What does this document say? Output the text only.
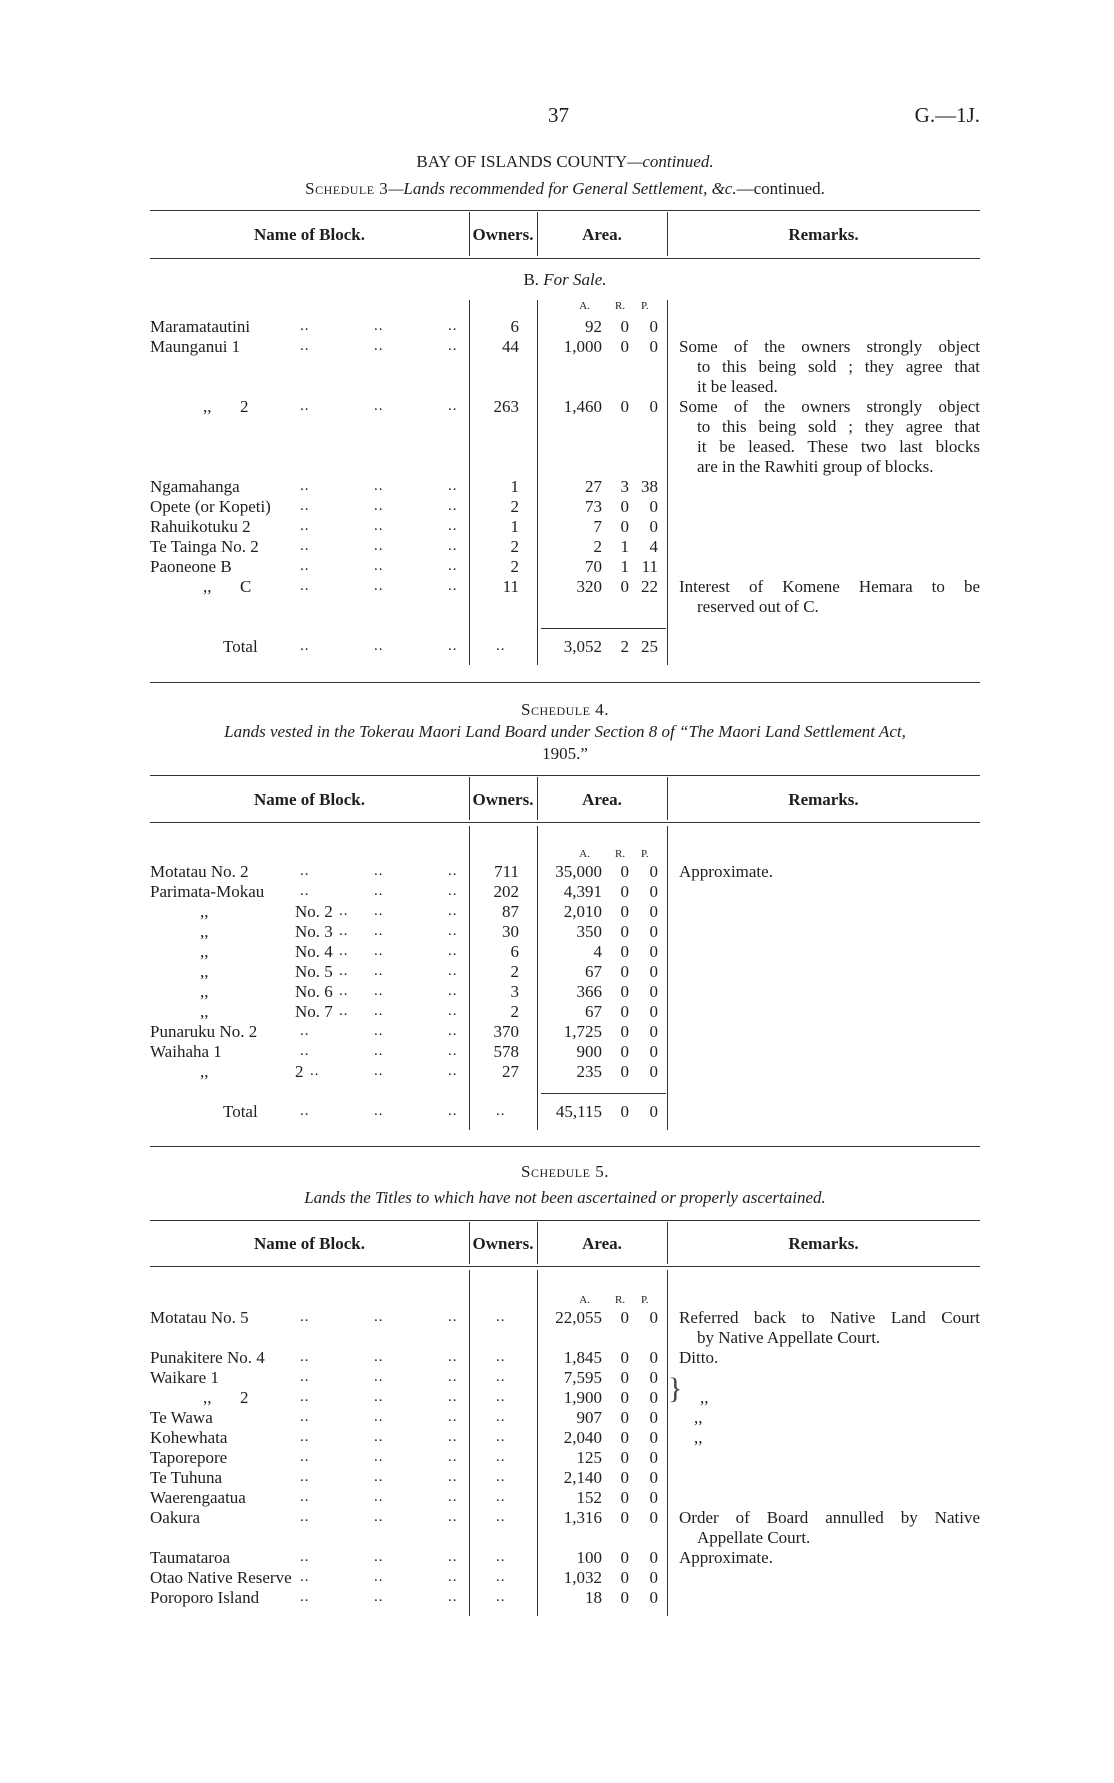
37	G.—1J.
BAY OF ISLANDS COUNTY—continued.
Schedule 3—Lands recommended for General Settlement, &c.—continued.
B. For Sale.
Schedule 4.
Lands vested in the Tokerau Maori Land Board under Section 8 of “The Maori Land Settlement Act,
1905.”
Schedule 5.
Lands the Titles to which have not been ascertained or properly ascertained.
Name of Block.	Owners.	Area.	Remarks.
A. R.	P.
Maramatautini	..	..	..	6	92	0	0
Maunganui 1	..	..	..	44	1,000	0	0 Some of the owners strongly object
to this being sold ; they agree that
it be leased.
,, 2	..	..	..	263	1,460	0	0 Some of the owners strongly object
to this being sold ; they agree that
it be leased. These two last blocks
are in the Rawhiti group of blocks.
Ngamahanga	..	..	..	1	27	3 38
Opete (or Kopeti) ..	..	..	2	73	0	0
Rahuikotuku 2	..	..	..	1	7	0	0
Te Tainga No. 2	..	..	..	2	2	1	4
Paoneone B	..	..	..	2	70	1 11
,, C	..	..	..	11	320	0 22 Interest of Komene Hemara to be
reserved out of C.
Total	..	..	..	..	3,052	2 25
Name of Block.	Owners.	Area.	Remarks.
A. R.	P.
Motatau No. 2	..	..	..	711	35,000	0	0 Approximate.
Parimata-Mokau ..	..	..	202	4,391	0	0
,,	No. 2 .. ..	..	87	2,010	0	0
,,	No. 3 .. ..	..	30	350	0	0
,,	No. 4 .. ..	..	6	4	0	0
,,	No. 5 .. ..	..	2	67	0	0
,,	No. 6 .. ..	..	3	366	0	0
,,	No. 7 .. ..	..	2	67	0	0
Punaruku No. 2	..	..	..	370	1,725	0	0
Waihaha 1	..	..	..	578	900	0	0
,,	2 ..	..	..	27	235	0	0
Total	..	..	..	..	45,115	0	0
Name of Block.	Owners.	Area.	Remarks.
A. R.	P.
Motatau No. 5	..	..	..	..	22,055	0	0 Referred back to Native Land Court
by Native Appellate Court.
Punakitere No. 4 ..	..	..	..	1,845	0	0 Ditto.
Waikare 1	..	..	..	..	7,595	0	0
,, 2	..	..	..	..	1,900	0	0 ,,
Te Wawa	..	..	..	..	907	0	0 ,,
Kohewhata	..	..	..	..	2,040	0	0 ,,
Taporepore	..	..	..	..	125	0	0
Te Tuhuna	..	..	..	..	2,140	0	0
Waerengaatua	..	..	..	..	152	0	0
Oakura	..	..	..	..	1,316	0	0 Order of Board annulled by Native
Appellate Court.
Taumataroa	..	..	..	..	100	0	0 Approximate.
Otao Native Reserve ..	..	..	..	1,032	0	0
Poroporo Island	..	..	..	..	18	0	0
}
